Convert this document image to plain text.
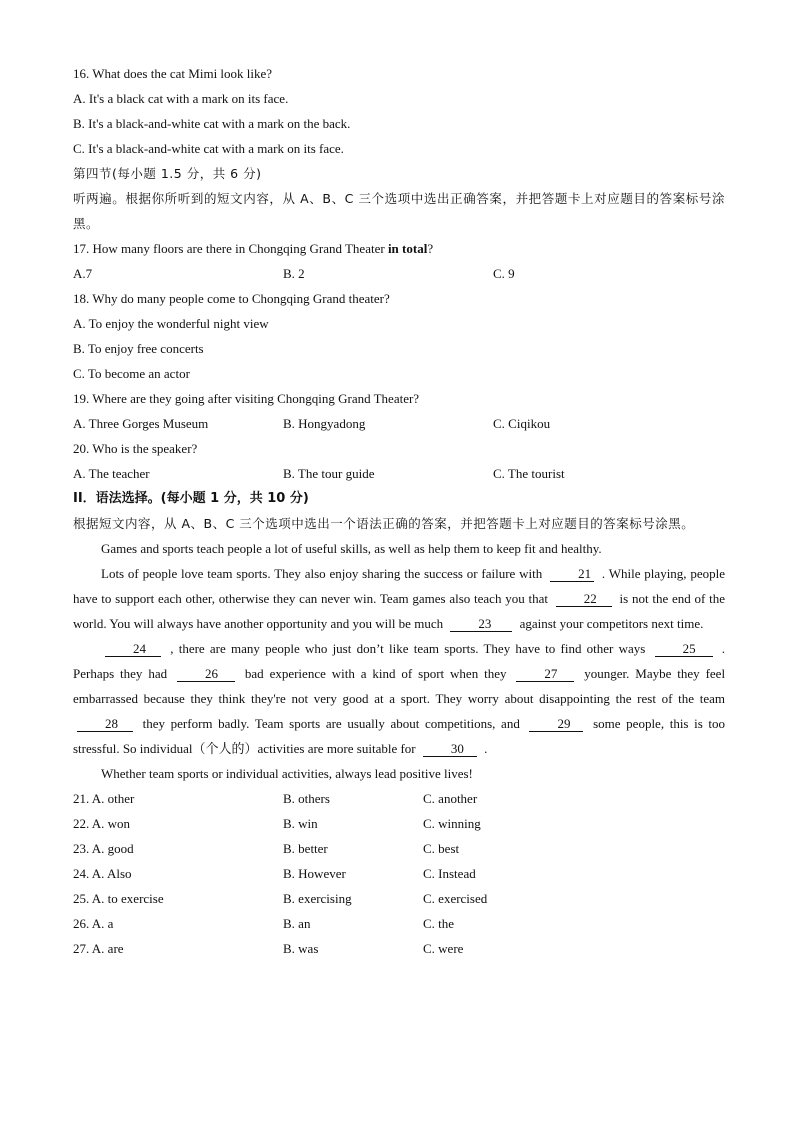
16. What does the cat Mimi look like?
A. It's a black cat with a mark on its face.
B. It's a black-and-white cat with a mark on the back.
C. It's a black-and-white cat with a mark on its face.
第四节(每小题 1.5 分，共 6 分)
听两遍。根据你所听到的短文内容，从 A、B、C 三个选项中选出正确答案，并把答题卡上对应题目的答案标号涂黑。
17. How many floors are there in Chongqing Grand Theater in total?
A.7	B. 2	C. 9
18. Why do many people come to Chongqing Grand theater?
A. To enjoy the wonderful night view
B. To enjoy free concerts
C. To become an actor
19. Where are they going after visiting Chongqing Grand Theater?
A. Three Gorges Museum	B. Hongyadong	C. Ciqikou
20. Who is the speaker?
A. The teacher	B. The tour guide	C. The tourist
II．语法选择。(每小题 1 分，共 10 分)
根据短文内容，从 A、B、C 三个选项中选出一个语法正确的答案，并把答题卡上对应题目的答案标号涂黑。
Games and sports teach people a lot of useful skills, as well as help them to keep fit and healthy.
Lots of people love team sports. They also enjoy sharing the success or failure with	21 . While playing, people have to support each other, otherwise they can never win. Team games also teach you that	22 is not the end of the world. You will always have another opportunity and you will be much	23 against your competitors next time.
24 , there are many people who just don’t like team sports. They have to find other ways	25 . Perhaps they had	26 bad experience with a kind of sport when they	27 younger. Maybe they feel embarrassed because they think they're not very good at a sport. They worry about disappointing the rest of the team 28 they perform badly. Team sports are usually about competitions, and	29 some people, this is too stressful. So individual（个人的）activities are more suitable for	30 .
Whether team sports or individual activities, always lead positive lives!
21. A. other	B. others	C. another
22. A. won	B. win	C. winning
23. A. good	B. better	C. best
24. A. Also	B. However	C. Instead
25. A. to exercise	B. exercising	C. exercised
26. A. a	B. an	C. the
27. A. are	B. was	C. were
